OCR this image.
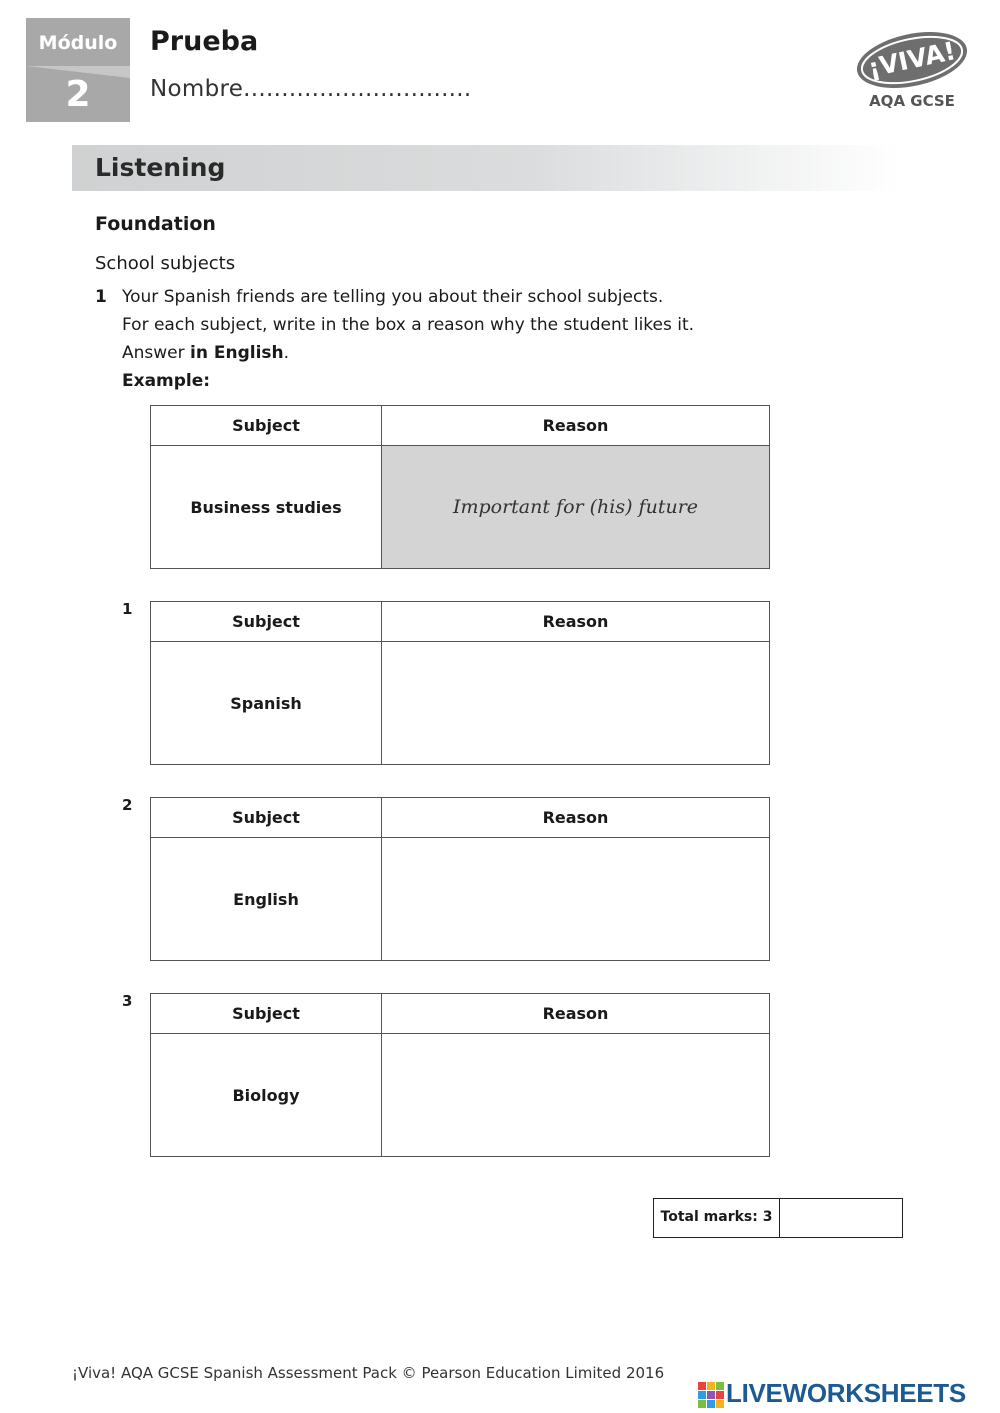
Módulo
2
Prueba
Nombre..............................
¡VIVA!
AQA GCSE
Listening
Foundation
School subjects
1 Your Spanish friends are telling you about their school subjects.
For each subject, write in the box a reason why the student likes it.
Answer in English.
Example:
Subject	Reason
Business studies	Important for (his) future
1
Subject	Reason
Spanish
2
Subject	Reason
English
3
Subject	Reason
Biology
Total marks: 3
¡Viva! AQA GCSE Spanish Assessment Pack © Pearson Education Limited 2016
LIVEWORKSHEETS
